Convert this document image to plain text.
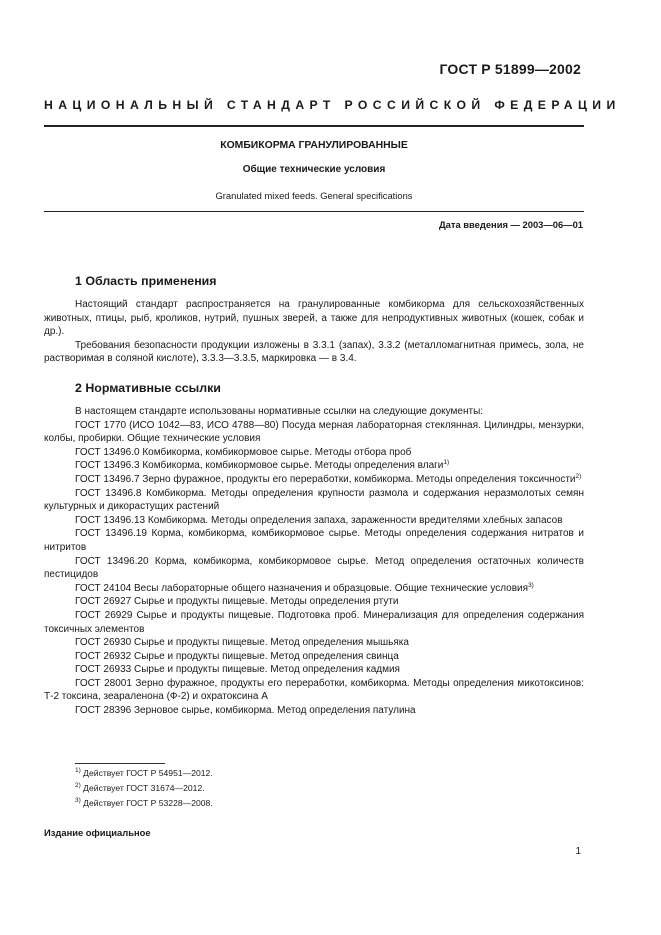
ГОСТ Р 51899—2002
НАЦИОНАЛЬНЫЙ СТАНДАРТ РОССИЙСКОЙ ФЕДЕРАЦИИ
КОМБИКОРМА ГРАНУЛИРОВАННЫЕ
Общие технические условия
Granulated mixed feeds. General specifications
Дата введения — 2003—06—01
1 Область применения

Настоящий стандарт распространяется на гранулированные комбикорма для сельскохозяйственных животных, птицы, рыб, кроликов, нутрий, пушных зверей, а также для непродуктивных животных (кошек, собак и др.).

Требования безопасности продукции изложены в 3.3.1 (запах), 3.3.2 (металломагнитная примесь, зола, не растворимая в соляной кислоте), 3.3.3—3.3.5, маркировка — в 3.4.

2 Нормативные ссылки

В настоящем стандарте использованы нормативные ссылки на следующие документы:

ГОСТ 1770 (ИСО 1042—83, ИСО 4788—80) Посуда мерная лабораторная стеклянная. Цилиндры, мензурки, колбы, пробирки. Общие технические условия

ГОСТ 13496.0 Комбикорма, комбикормовое сырье. Методы отбора проб

ГОСТ 13496.3 Комбикорма, комбикормовое сырье. Методы определения влаги$^{1)}$

ГОСТ 13496.7 Зерно фуражное, продукты его переработки, комбикорма. Методы определения токсичности$^{2)}$

ГОСТ 13496.8 Комбикорма. Методы определения крупности размола и содержания неразмолотых семян культурных и дикорастущих растений

ГОСТ 13496.13 Комбикорма. Методы определения запаха, зараженности вредителями хлебных запасов

ГОСТ 13496.19 Корма, комбикорма, комбикормовое сырье. Методы определения содержания нитратов и нитритов

ГОСТ 13496.20 Корма, комбикорма, комбикормовое сырье. Метод определения остаточных количеств пестицидов

ГОСТ 24104 Весы лабораторные общего назначения и образцовые. Общие технические условия$^{3)}$

ГОСТ 26927 Сырье и продукты пищевые. Методы определения ртути

ГОСТ 26929 Сырье и продукты пищевые. Подготовка проб. Минерализация для определения содержания токсичных элементов

ГОСТ 26930 Сырье и продукты пищевые. Метод определения мышьяка

ГОСТ 26932 Сырье и продукты пищевые. Метод определения свинца

ГОСТ 26933 Сырье и продукты пищевые. Метод определения кадмия

ГОСТ 28001 Зерно фуражное, продукты его переработки, комбикорма. Методы определения микотоксинов: Т-2 токсина, зеараленона (Ф-2) и охратоксина А

ГОСТ 28396 Зерновое сырье, комбикорма. Метод определения патулина

$^{1)}$ Действует ГОСТ Р 54951—2012.
$^{2)}$ Действует ГОСТ 31674—2012.
$^{3)}$ Действует ГОСТ Р 53228—2008.
Издание официальное
1
